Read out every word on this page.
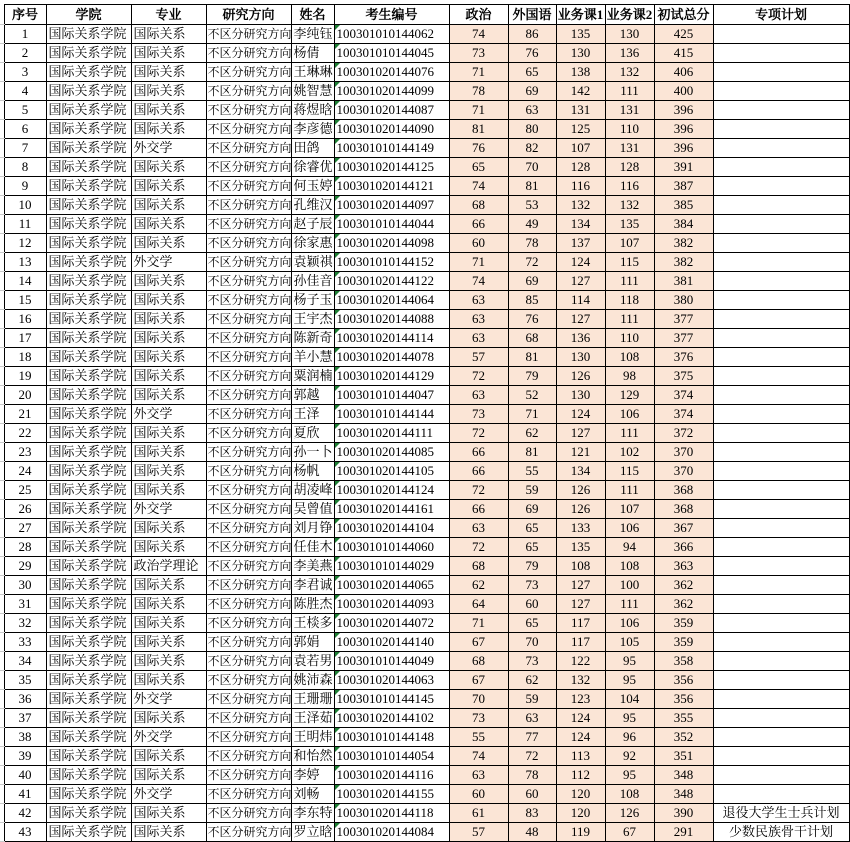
	序号	学院	专业	研究方向	姓名	考生编号	政治	外国语	业务课1	业务课2	初试总分	专项计划
	1	国际关系学院	国际关系	不区分研究方向	李纯钰	100301010144062	74	86	135	130	425	
	2	国际关系学院	国际关系	不区分研究方向	杨倩	100301010144045	73	76	130	136	415	
	3	国际关系学院	国际关系	不区分研究方向	王琳琳	100301020144076	71	65	138	132	406	
	4	国际关系学院	国际关系	不区分研究方向	姚智慧	100301020144099	78	69	142	111	400	
	5	国际关系学院	国际关系	不区分研究方向	蒋煜晗	100301020144087	71	63	131	131	396	
	6	国际关系学院	国际关系	不区分研究方向	李彦德	100301020144090	81	80	125	110	396	
	7	国际关系学院	外交学	不区分研究方向	田鸽	100301010144149	76	82	107	131	396	
	8	国际关系学院	国际关系	不区分研究方向	徐睿优	100301020144125	65	70	128	128	391	
	9	国际关系学院	国际关系	不区分研究方向	何玉婷	100301020144121	74	81	116	116	387	
	10	国际关系学院	国际关系	不区分研究方向	孔维汉	100301020144097	68	53	132	132	385	
	11	国际关系学院	国际关系	不区分研究方向	赵子辰	100301010144044	66	49	134	135	384	
	12	国际关系学院	国际关系	不区分研究方向	徐家惠	100301020144098	60	78	137	107	382	
	13	国际关系学院	外交学	不区分研究方向	袁颖祺	100301010144152	71	72	124	115	382	
	14	国际关系学院	国际关系	不区分研究方向	孙佳音	100301020144122	74	69	127	111	381	
	15	国际关系学院	国际关系	不区分研究方向	杨子玉	100301020144064	63	85	114	118	380	
	16	国际关系学院	国际关系	不区分研究方向	王宇杰	100301020144088	63	76	127	111	377	
	17	国际关系学院	国际关系	不区分研究方向	陈新奇	100301020144114	63	68	136	110	377	
	18	国际关系学院	国际关系	不区分研究方向	羊小慧	100301020144078	57	81	130	108	376	
	19	国际关系学院	国际关系	不区分研究方向	粟润楠	100301020144129	72	79	126	98	375	
	20	国际关系学院	国际关系	不区分研究方向	郭越	100301010144047	63	52	130	129	374	
	21	国际关系学院	外交学	不区分研究方向	王泽	100301010144144	73	71	124	106	374	
	22	国际关系学院	国际关系	不区分研究方向	夏欣	100301020144111	72	62	127	111	372	
	23	国际关系学院	国际关系	不区分研究方向	孙一卜	100301020144085	66	81	121	102	370	
	24	国际关系学院	国际关系	不区分研究方向	杨帆	100301020144105	66	55	134	115	370	
	25	国际关系学院	国际关系	不区分研究方向	胡凌峰	100301020144124	72	59	126	111	368	
	26	国际关系学院	外交学	不区分研究方向	吴曾值	100301020144161	66	69	126	107	368	
	27	国际关系学院	国际关系	不区分研究方向	刘月铮	100301020144104	63	65	133	106	367	
	28	国际关系学院	国际关系	不区分研究方向	任佳木	100301010144060	72	65	135	94	366	
	29	国际关系学院	政治学理论	不区分研究方向	李美燕	100301010144029	68	79	108	108	363	
	30	国际关系学院	国际关系	不区分研究方向	李君诚	100301020144065	62	73	127	100	362	
	31	国际关系学院	国际关系	不区分研究方向	陈胜杰	100301020144093	64	60	127	111	362	
	32	国际关系学院	国际关系	不区分研究方向	王棪多	100301020144072	71	65	117	106	359	
	33	国际关系学院	国际关系	不区分研究方向	郭娟	100301020144140	67	70	117	105	359	
	34	国际关系学院	国际关系	不区分研究方向	袁若男	100301010144049	68	73	122	95	358	
	35	国际关系学院	国际关系	不区分研究方向	姚沛森	100301020144063	67	62	132	95	356	
	36	国际关系学院	外交学	不区分研究方向	王珊珊	100301010144145	70	59	123	104	356	
	37	国际关系学院	国际关系	不区分研究方向	王泽茹	100301020144102	73	63	124	95	355	
	38	国际关系学院	外交学	不区分研究方向	王明炜	100301010144148	55	77	124	96	352	
	39	国际关系学院	国际关系	不区分研究方向	和怡然	100301010144054	74	72	113	92	351	
	40	国际关系学院	国际关系	不区分研究方向	李婷	100301020144116	63	78	112	95	348	
	41	国际关系学院	外交学	不区分研究方向	刘畅	100301020144155	60	60	120	108	348	
	42	国际关系学院	国际关系	不区分研究方向	李东特	100301020144118	61	83	120	126	390	退役大学生士兵计划
	43	国际关系学院	国际关系	不区分研究方向	罗立晗	100301020144084	57	48	119	67	291	少数民族骨干计划
